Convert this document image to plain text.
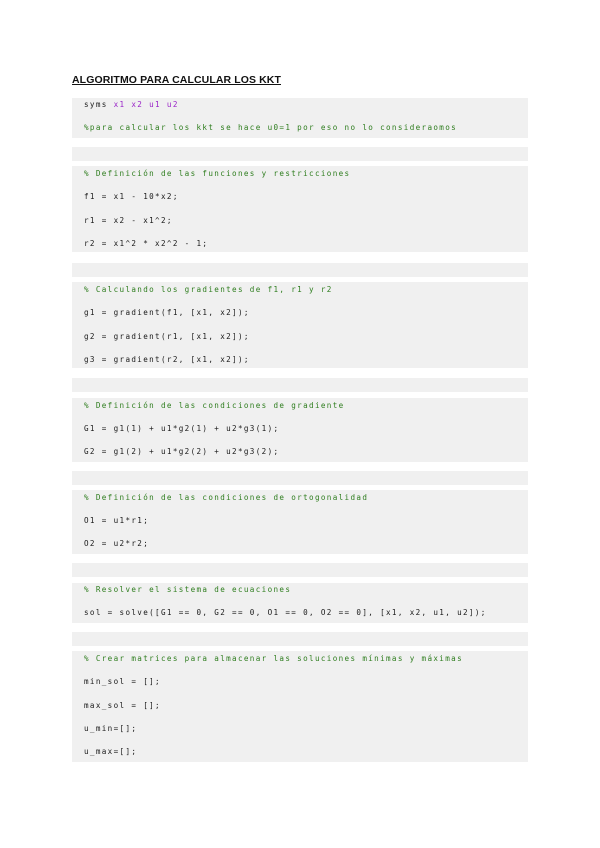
ALGORITMO PARA CALCULAR LOS KKT
syms x1 x2 u1 u2
%para calcular los kkt se hace u0=1 por eso no lo consideraomos
% Definición de las funciones y restricciones
f1 = x1 - 10*x2;
r1 = x2 - x1^2;
r2 = x1^2 * x2^2 - 1;
% Calculando los gradientes de f1, r1 y r2
g1 = gradient(f1, [x1, x2]);
g2 = gradient(r1, [x1, x2]);
g3 = gradient(r2, [x1, x2]);
% Definición de las condiciones de gradiente
G1 = g1(1) + u1*g2(1) + u2*g3(1);
G2 = g1(2) + u1*g2(2) + u2*g3(2);
% Definición de las condiciones de ortogonalidad
O1 = u1*r1;
O2 = u2*r2;
% Resolver el sistema de ecuaciones
sol = solve([G1 == 0, G2 == 0, O1 == 0, O2 == 0], [x1, x2, u1, u2]);
% Crear matrices para almacenar las soluciones mínimas y máximas
min_sol = [];
max_sol = [];
u_min=[];
u_max=[];
